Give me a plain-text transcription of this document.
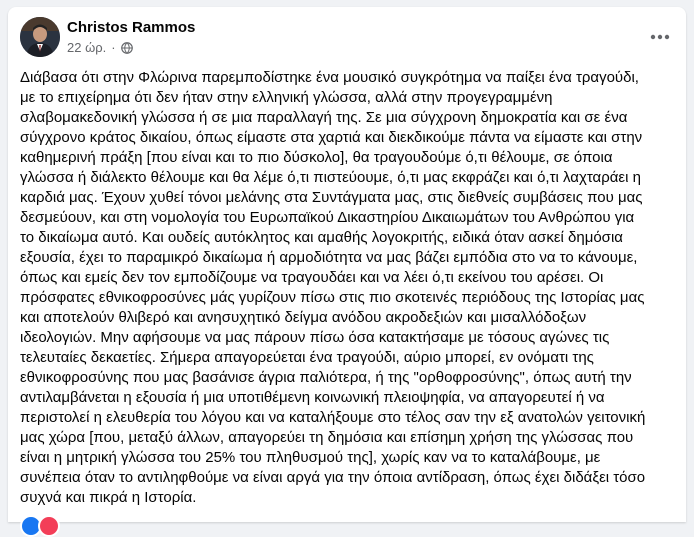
Christos Rammos
22 ώρ. ·
Διάβασα ότι στην Φλώρινα παρεμποδίστηκε ένα μουσικό συγκρότημα να παίξει ένα τραγούδι,
με το επιχείρημα ότι δεν ήταν στην ελληνική γλώσσα, αλλά στην προγεγραμμένη
σλαβομακεδονική γλώσσα ή σε μια παραλλαγή της. Σε μια σύγχρονη δημοκρατία και σε ένα
σύγχρονο κράτος δικαίου, όπως είμαστε στα χαρτιά και διεκδικούμε πάντα να είμαστε και στην
καθημερινή πράξη [που είναι και το πιο δύσκολο], θα τραγουδούμε ό,τι θέλουμε, σε όποια
γλώσσα ή διάλεκτο θέλουμε και θα λέμε ό,τι πιστεύουμε, ό,τι μας εκφράζει και ό,τι λαχταράει η
καρδιά μας. Έχουν χυθεί τόνοι μελάνης στα Συντάγματα μας, στις διεθνείς συμβάσεις που μας
δεσμεύουν, και στη νομολογία του Ευρωπαϊκού Δικαστηρίου Δικαιωμάτων του Ανθρώπου για
το δικαίωμα αυτό. Και ουδείς αυτόκλητος και αμαθής λογοκριτής, ειδικά όταν ασκεί δημόσια
εξουσία, έχει το παραμικρό δικαίωμα ή αρμοδιότητα να μας βάζει εμπόδια στο να το κάνουμε,
όπως και εμείς δεν τον εμποδίζουμε να τραγουδάει και να λέει ό,τι εκείνου του αρέσει. Οι
πρόσφατες εθνικοφροσύνες μάς γυρίζουν πίσω στις πιο σκοτεινές περιόδους της Ιστορίας μας
και αποτελούν θλιβερό και ανησυχητικό δείγμα ανόδου ακροδεξιών και μισαλλόδοξων
ιδεολογιών. Μην αφήσουμε να μας πάρουν πίσω όσα κατακτήσαμε με τόσους αγώνες τις
τελευταίες δεκαετίες. Σήμερα απαγορεύεται ένα τραγούδι, αύριο μπορεί, εν ονόματι της
εθνικοφροσύνης που μας βασάνισε άγρια παλιότερα, ή της "ορθοφροσύνης", όπως αυτή την
αντιλαμβάνεται η εξουσία ή μια υποτιθέμενη κοινωνική πλειοψηφία, να απαγορευτεί ή να
περιστολεί η ελευθερία του λόγου και να καταλήξουμε στο τέλος σαν την εξ ανατολών γειτονική
μας χώρα [που, μεταξύ άλλων, απαγορεύει τη δημόσια και επίσημη χρήση της γλώσσας που
είναι η μητρική γλώσσα του 25% του πληθυσμού της], χωρίς καν να το καταλάβουμε, με
συνέπεια όταν το αντιληφθούμε να είναι αργά για την όποια αντίδραση, όπως έχει διδάξει τόσο
συχνά και πικρά η Ιστορία.
